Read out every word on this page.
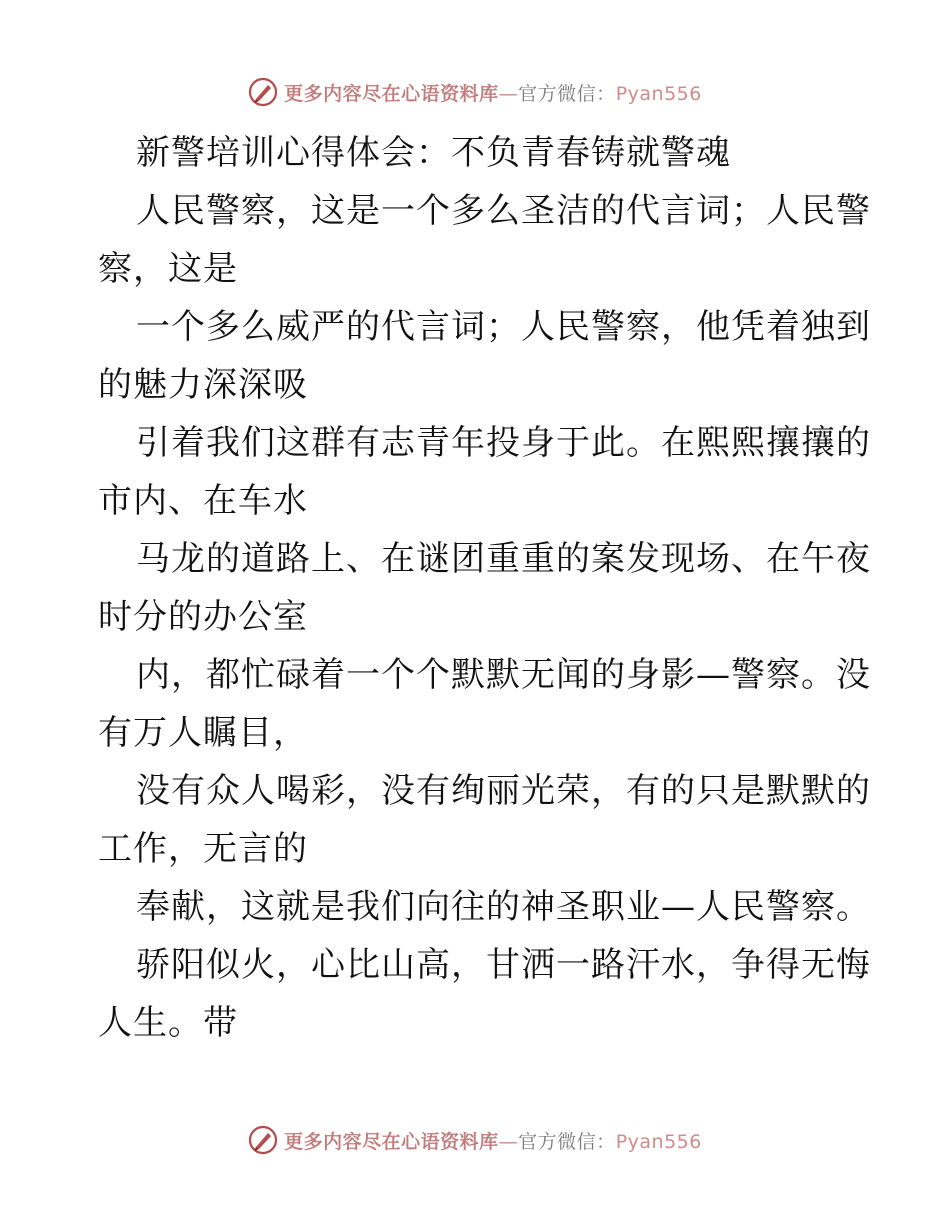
更多内容尽在心语资料库—官方微信：Pyan556
新警培训心得体会：不负青春铸就警魂
人民警察，这是一个多么圣洁的代言词；人民警
察，这是
一个多么威严的代言词；人民警察，他凭着独到
的魅力深深吸
引着我们这群有志青年投身于此。在熙熙攘攘的
市内、在车水
马龙的道路上、在谜团重重的案发现场、在午夜
时分的办公室
内，都忙碌着一个个默默无闻的身影—警察。没
有万人瞩目，
没有众人喝彩，没有绚丽光荣，有的只是默默的
工作，无言的
奉献，这就是我们向往的神圣职业—人民警察。
骄阳似火，心比山高，甘洒一路汗水，争得无悔
人生。带
更多内容尽在心语资料库—官方微信：Pyan556
